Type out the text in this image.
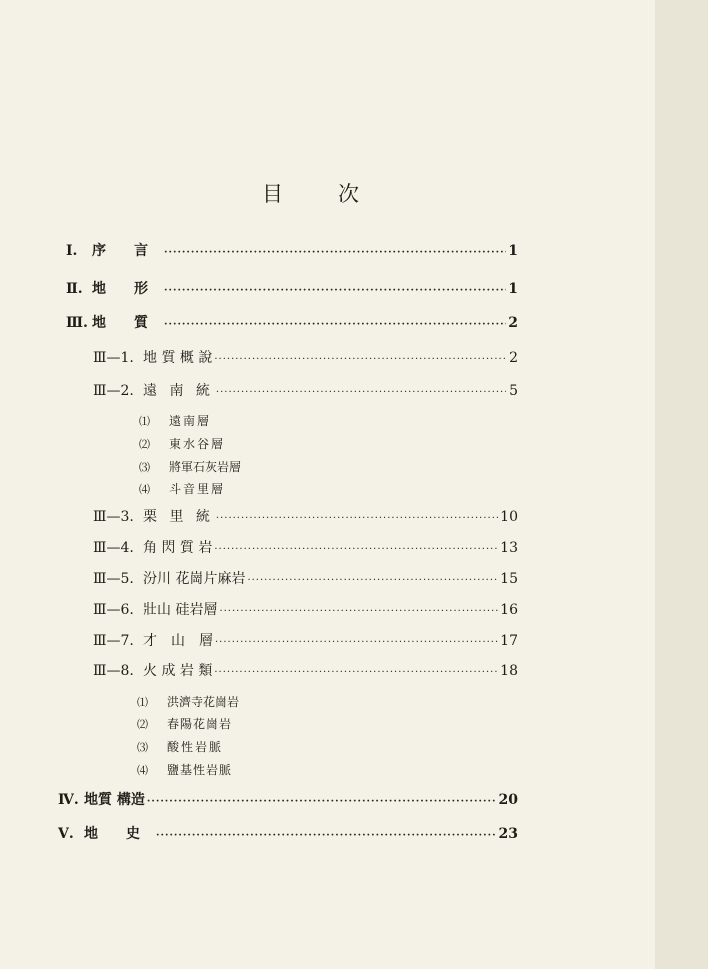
目	次
Ⅰ.	序　　言 ·····	1
Ⅱ. 地　　形 ·····	1
Ⅲ. 地　　質 ·····	2
Ⅲ—1. 地 質 概 說 ·····	2
Ⅲ—2. 遠 南 統 ·····	5
⑴ 遠南層
⑵ 東水谷層
⑶ 將軍石灰岩層
⑷ 斗音里層
Ⅲ—3. 栗 里 統 ·····	10
Ⅲ—4. 角 閃 質 岩 ·····	13
Ⅲ—5. 汾川 花崗片麻岩 ·····	15
Ⅲ—6. 壯山 硅岩層 ·····	16
Ⅲ—7. 才　山　層 ·····	17
Ⅲ—8. 火 成 岩 類 ·····	18
⑴ 洪濟寺花崗岩
⑵ 春陽花崗岩
⑶ 酸性岩脈
⑷ 鹽基性岩脈
Ⅳ. 地質 構造 ·····	20
Ⅴ. 地　　史 ·····	23
